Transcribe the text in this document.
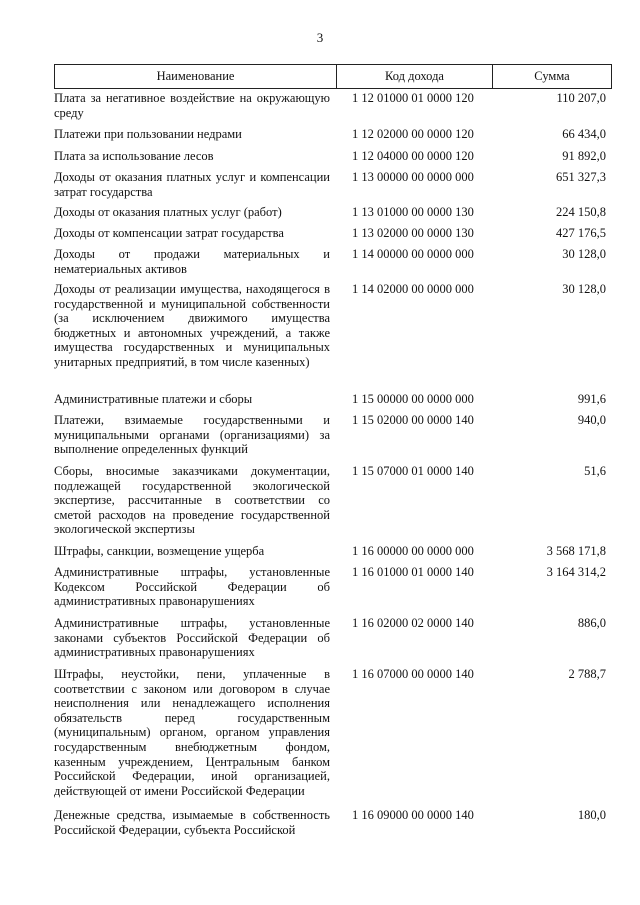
3
Наименование	Код дохода	Сумма
Плата за негативное воздействие на окружающую среду
1 12 01000 01 0000 120	110 207,0
Платежи при пользовании недрами	1 12 02000 00 0000 120	66 434,0
Плата за использование лесов	1 12 04000 00 0000 120	91 892,0
Доходы от оказания платных услуг и компенсации затрат государства
1 13 00000 00 0000 000	651 327,3
Доходы от оказания платных услуг (работ)	1 13 01000 00 0000 130	224 150,8
Доходы от компенсации затрат государства	1 13 02000 00 0000 130	427 176,5
Доходы от продажи материальных и нематериальных активов
1 14 00000 00 0000 000	30 128,0
Доходы от реализации имущества, находящегося в государственной и муниципальной собственности (за исключением движимого имущества бюджетных и автономных учреждений, а также имущества государственных и муниципальных унитарных предприятий, в том числе казенных)
1 14 02000 00 0000 000	30 128,0
Административные платежи и сборы	1 15 00000 00 0000 000	991,6
Платежи, взимаемые государственными и муниципальными органами (организациями) за выполнение определенных функций
1 15 02000 00 0000 140	940,0
Сборы, вносимые заказчиками документации, подлежащей государственной экологической экспертизе, рассчитанные в соответствии со сметой расходов на проведение государственной экологической экспертизы
1 15 07000 01 0000 140	51,6
Штрафы, санкции, возмещение ущерба	1 16 00000 00 0000 000	3 568 171,8
Административные штрафы, установленные Кодексом Российской Федерации об административных правонарушениях
1 16 01000 01 0000 140	3 164 314,2
Административные штрафы, установленные законами субъектов Российской Федерации об административных правонарушениях
1 16 02000 02 0000 140	886,0
Штрафы, неустойки, пени, уплаченные в соответствии с законом или договором в случае неисполнения или ненадлежащего исполнения обязательств перед государственным (муниципальным) органом, органом управления государственным внебюджетным фондом, казенным учреждением, Центральным банком Российской Федерации, иной организацией, действующей от имени Российской Федерации
1 16 07000 00 0000 140	2 788,7
Денежные средства, изымаемые в собственность Российской Федерации, субъекта Российской
1 16 09000 00 0000 140	180,0
